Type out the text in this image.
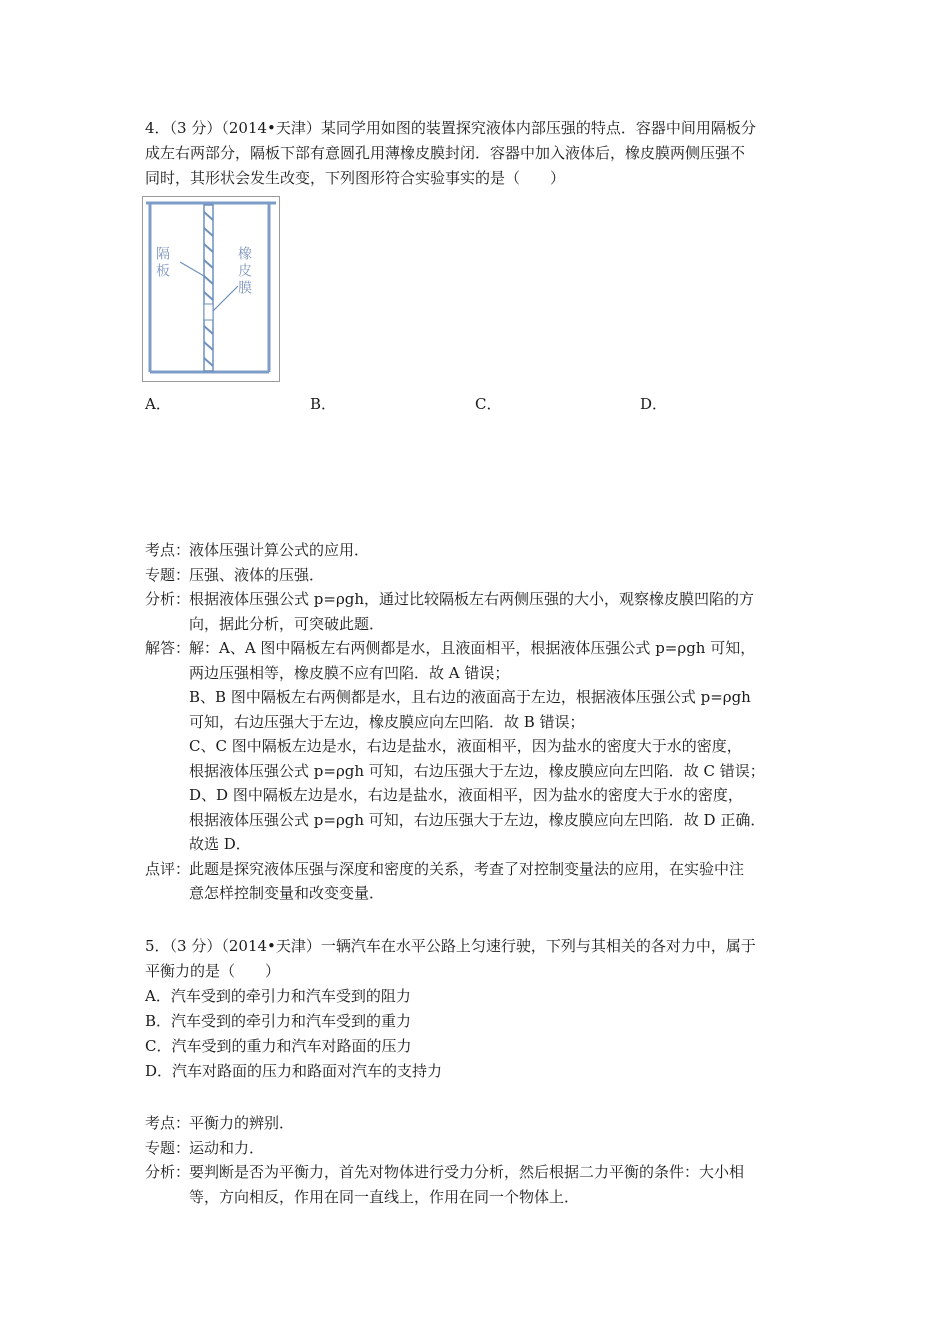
4．（3 分）（2014•天津）某同学用如图的装置探究液体内部压强的特点．容器中间用隔板分
成左右两部分，隔板下部有意圆孔用薄橡皮膜封闭．容器中加入液体后，橡皮膜两侧压强不
同时，其形状会发生改变，下列图形符合实验事实的是（　　）
隔板	橡皮膜
A．	B．	C．	D．
考点：
液体压强计算公式的应用．
专题：
压强、液体的压强．
分析：
根据液体压强公式 p=ρgh，通过比较隔板左右两侧压强的大小，观察橡皮膜凹陷的方
向，据此分析，可突破此题．
解答：
解：A、A 图中隔板左右两侧都是水，且液面相平，根据液体压强公式 p=ρgh 可知，
两边压强相等，橡皮膜不应有凹陷．故 A 错误；
B、B 图中隔板左右两侧都是水，且右边的液面高于左边，根据液体压强公式 p=ρgh
可知，右边压强大于左边，橡皮膜应向左凹陷．故 B 错误；
C、C 图中隔板左边是水，右边是盐水，液面相平，因为盐水的密度大于水的密度，
根据液体压强公式 p=ρgh 可知，右边压强大于左边，橡皮膜应向左凹陷．故 C 错误；
D、D 图中隔板左边是水，右边是盐水，液面相平，因为盐水的密度大于水的密度，
根据液体压强公式 p=ρgh 可知，右边压强大于左边，橡皮膜应向左凹陷．故 D 正确．
故选 D．
点评：
此题是探究液体压强与深度和密度的关系，考查了对控制变量法的应用，在实验中注
意怎样控制变量和改变变量．
5．（3 分）（2014•天津）一辆汽车在水平公路上匀速行驶，下列与其相关的各对力中，属于
平衡力的是（　　）
A．汽车受到的牵引力和汽车受到的阻力
B．汽车受到的牵引力和汽车受到的重力
C．汽车受到的重力和汽车对路面的压力
D．汽车对路面的压力和路面对汽车的支持力
考点：
平衡力的辨别．
专题：
运动和力．
分析：
要判断是否为平衡力，首先对物体进行受力分析，然后根据二力平衡的条件：大小相
等，方向相反，作用在同一直线上，作用在同一个物体上．
